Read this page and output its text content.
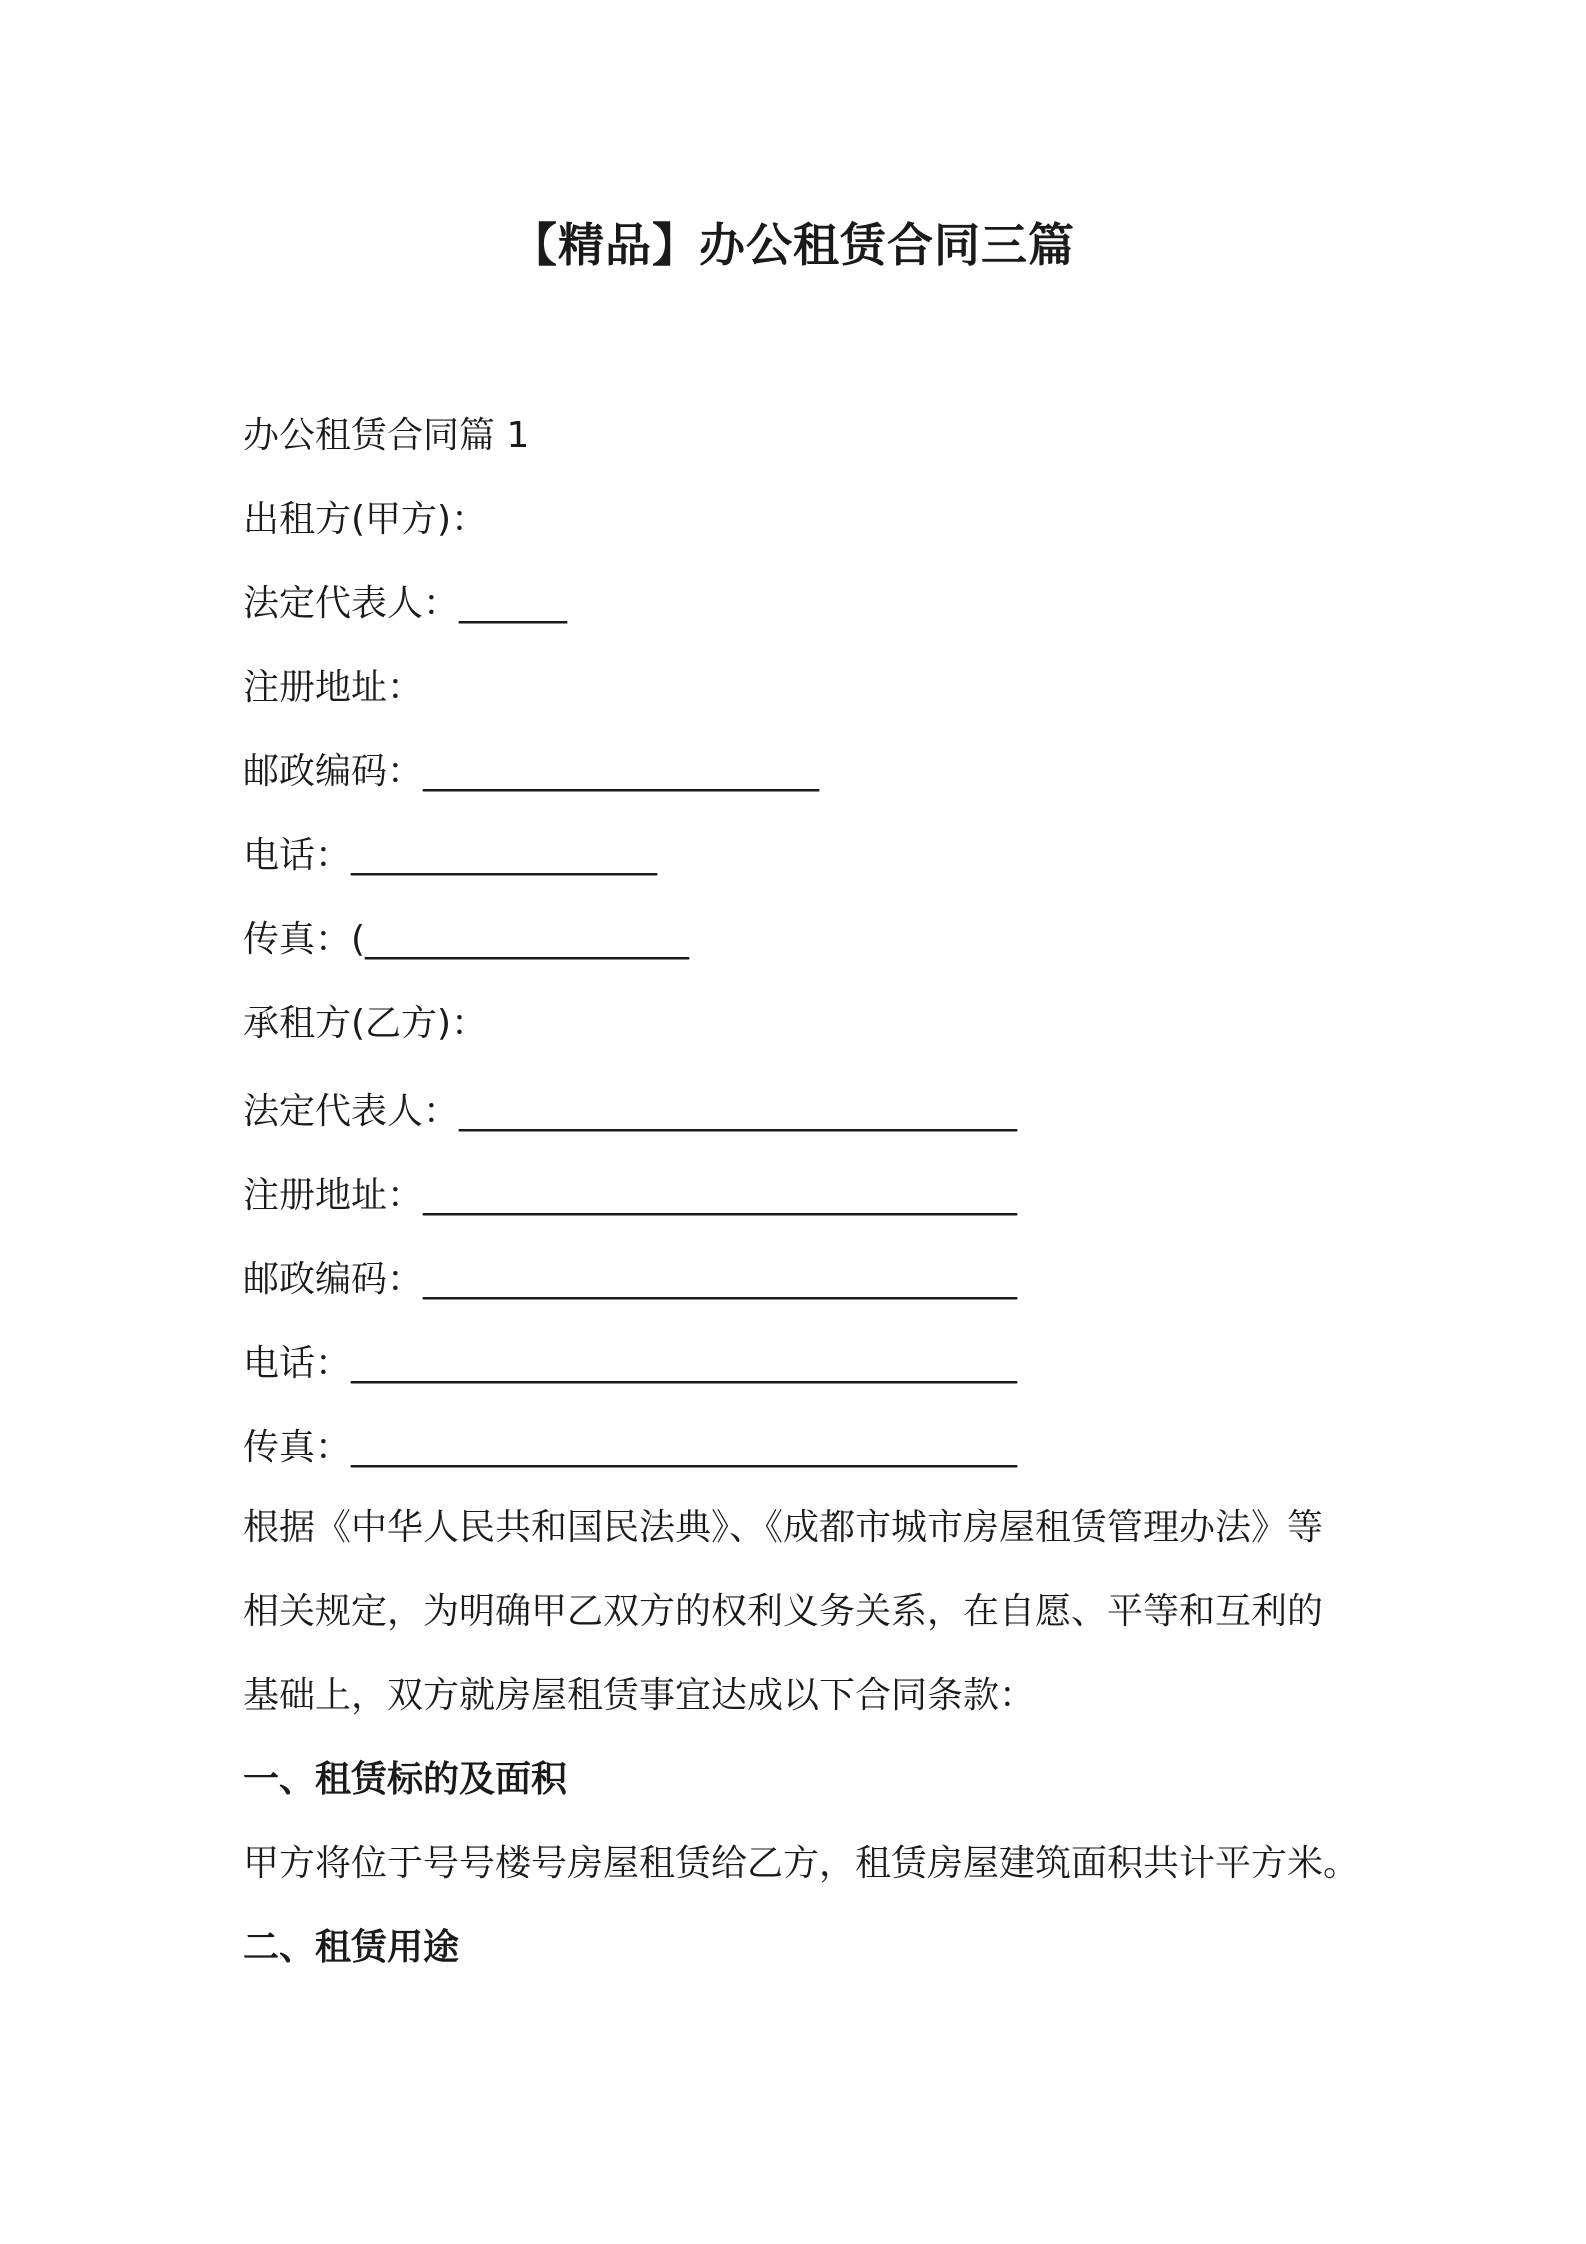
【精品】办公租赁合同三篇
办公租赁合同篇 1
出租方(甲方)：
法定代表人：______
注册地址：
邮政编码：______________________
电话：_________________
传真：(__________________
承租方(乙方)：
法定代表人：_______________________________
注册地址：_________________________________
邮政编码：_________________________________
电话：_____________________________________
传真：_____________________________________
根据《中华人民共和国民法典》、《成都市城市房屋租赁管理办法》等
相关规定，为明确甲乙双方的权利义务关系，在自愿、平等和互利的
基础上，双方就房屋租赁事宜达成以下合同条款：
一、租赁标的及面积
甲方将位于号号楼号房屋租赁给乙方，租赁房屋建筑面积共计平方米。
二、租赁用途
